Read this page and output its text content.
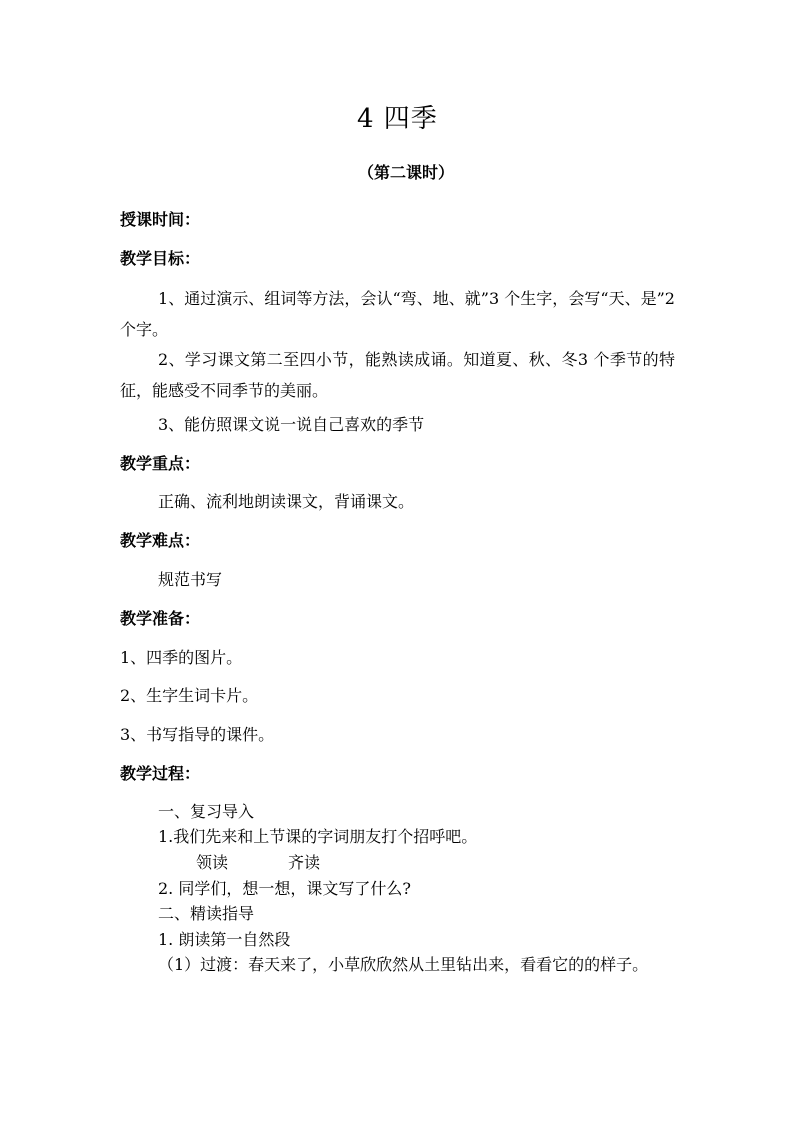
4 四季
（第二课时）
授课时间：
教学目标：
1、通过演示、组词等方法，会认“弯、地、就”3 个生字，会写“天、是”2 个字。
2、学习课文第二至四小节，能熟读成诵。知道夏、秋、冬3 个季节的特征，能感受不同季节的美丽。
3、能仿照课文说一说自己喜欢的季节
教学重点：
正确、流利地朗读课文，背诵课文。
教学难点：
规范书写
教学准备：
1、四季的图片。
2、生字生词卡片。
3、书写指导的课件。
教学过程：
一、复习导入
1.我们先来和上节课的字词朋友打个招呼吧。
领读	齐读
2. 同学们，想一想，课文写了什么?
二、精读指导
1. 朗读第一自然段
（1）过渡：春天来了，小草欣欣然从土里钻出来，看看它的的样子。
